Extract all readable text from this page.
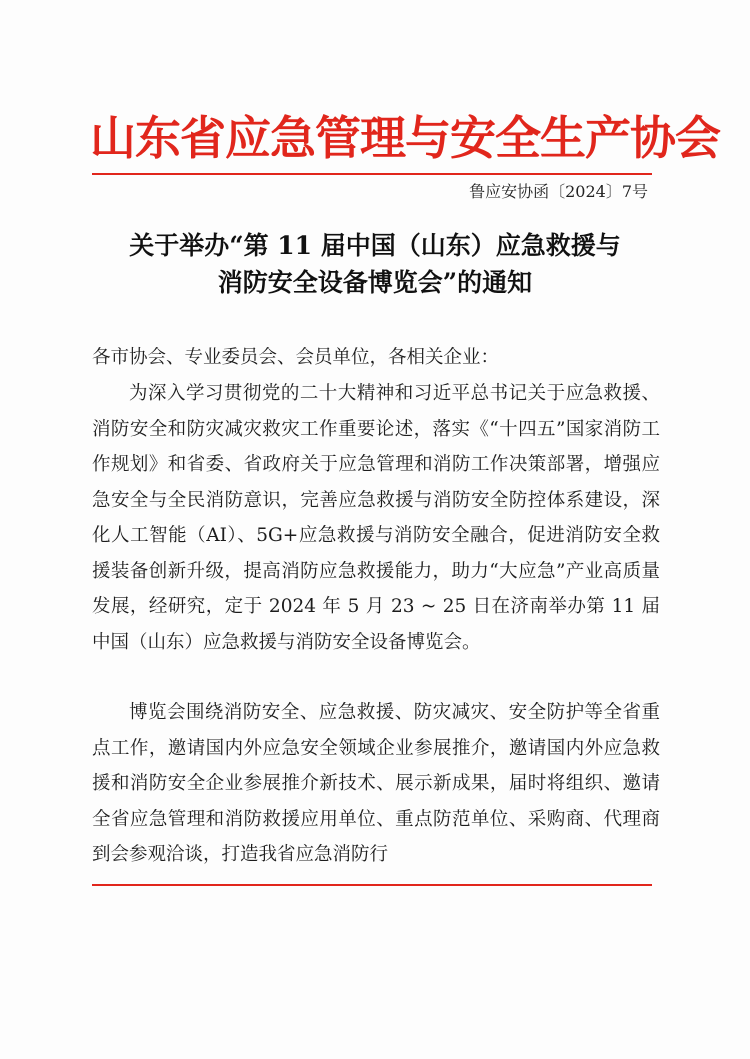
山东省应急管理与安全生产协会
鲁应安协函〔2024〕7号
关于举办“第 11 届中国（山东）应急救援与
消防安全设备博览会”的通知
各市协会、专业委员会、会员单位，各相关企业：
为深入学习贯彻党的二十大精神和习近平总书记关于应急救援、消防安全和防灾减灾救灾工作重要论述，落实《“十四五”国家消防工作规划》和省委、省政府关于应急管理和消防工作决策部署，增强应急安全与全民消防意识，完善应急救援与消防安全防控体系建设，深化人工智能（AI）、5G+应急救援与消防安全融合，促进消防安全救援装备创新升级，提高消防应急救援能力，助力“大应急”产业高质量发展，经研究，定于 2024 年 5 月 23 ~ 25 日在济南举办第 11 届中国（山东）应急救援与消防安全设备博览会。
博览会围绕消防安全、应急救援、防灾减灾、安全防护等全省重点工作，邀请国内外应急安全领域企业参展推介，邀请国内外应急救援和消防安全企业参展推介新技术、展示新成果，届时将组织、邀请全省应急管理和消防救援应用单位、重点防范单位、采购商、代理商到会参观洽谈，打造我省应急消防行
